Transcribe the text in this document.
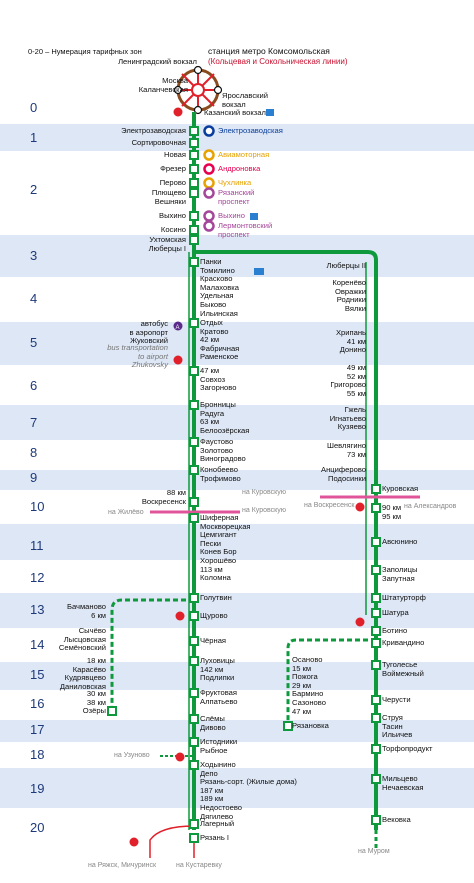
A
0
1
2
3
4
5
6
7
8
9
10
11
12
13
14
15
16
17
18
19
20
Электрозаводская
Сортировочная
Новая
Фрезер
Перово
Плющево
Вешняки
Выхино
Косино
Ухтомская
Люберцы I
Электрозаводская
Авиамоторная
Андроновка
Чухлинка
Рязанский
проспект
Выхино
Лермонтовский
проспект
Панки
Томилино
Красково
Малаховка
Удельная
Быково
Ильинская
Отдых
Кратово
42 км
Фабричная
Раменское
47 км
Совхоз
Загорново
Бронницы
Радуга
63 км
Белоозёрская
Фаустово
Золотово
Виноградово
Конобеево
Трофимово
Шиферная
Москворецкая
Цемгигант
Пески
Конев Бор
Хорошёво
113 км
Коломна
Голутвин
Щурово
Чёрная
Луховицы
142 км
Подлипки
Фруктовая
Алпатьево
Слёмы
Дивово
Истодники
Рыбное
Ходынино
Депо
Рязань-сорт. (Жилые дома)
187 км
189 км
Недостоево
Дягилево
Лагерный
Рязань I
88 км
Воскресенск
Люберцы II
Коренёво
Овражки
Родники
Вялки
Хрипань
41 км
Донино
49 км
52 км
Григорово
55 км
Гжель
Игнатьево
Кузяево
Шевлягино
73 км
Анциферово
Подосинки
Куровская
90 км
95 км
Авсюнино
Заполицы
Запутная
Штатурторф
Шатура
Ботино
Кривандино
Туголесье
Воймежный
Черусти
Струя
Тасин
Ильичев
Торфопродукт
Мильцево
Нечаевская
Вековка
Бачманово
6 км
Сычёво
Лысцовская
Семёновский
18 км
Карасёво
Кудрявцево
Даниловская
30 км
38 км
Озёры
Осаново
15 км
Пожога
29 км
Бармино
Сазоново
47 км
Рязановка
0-20 – Нумерация тарифных зон	станция метро Комсомольская
(Кольцевая и Сокольническая линии)
Ленинградский вокзал
Москва
Каланчевская
Ярославский
вокзал
Казанский вокзал
автобус
в аэропорт
Жуковский
bus transportation
to airport
Zhukovsky
на Куровскую
на Жилёво	на Куровскую
на Воскресенск	на Александров
на Узуново
на Ряжск, Мичуринск	на Кустаревку
на Муром
